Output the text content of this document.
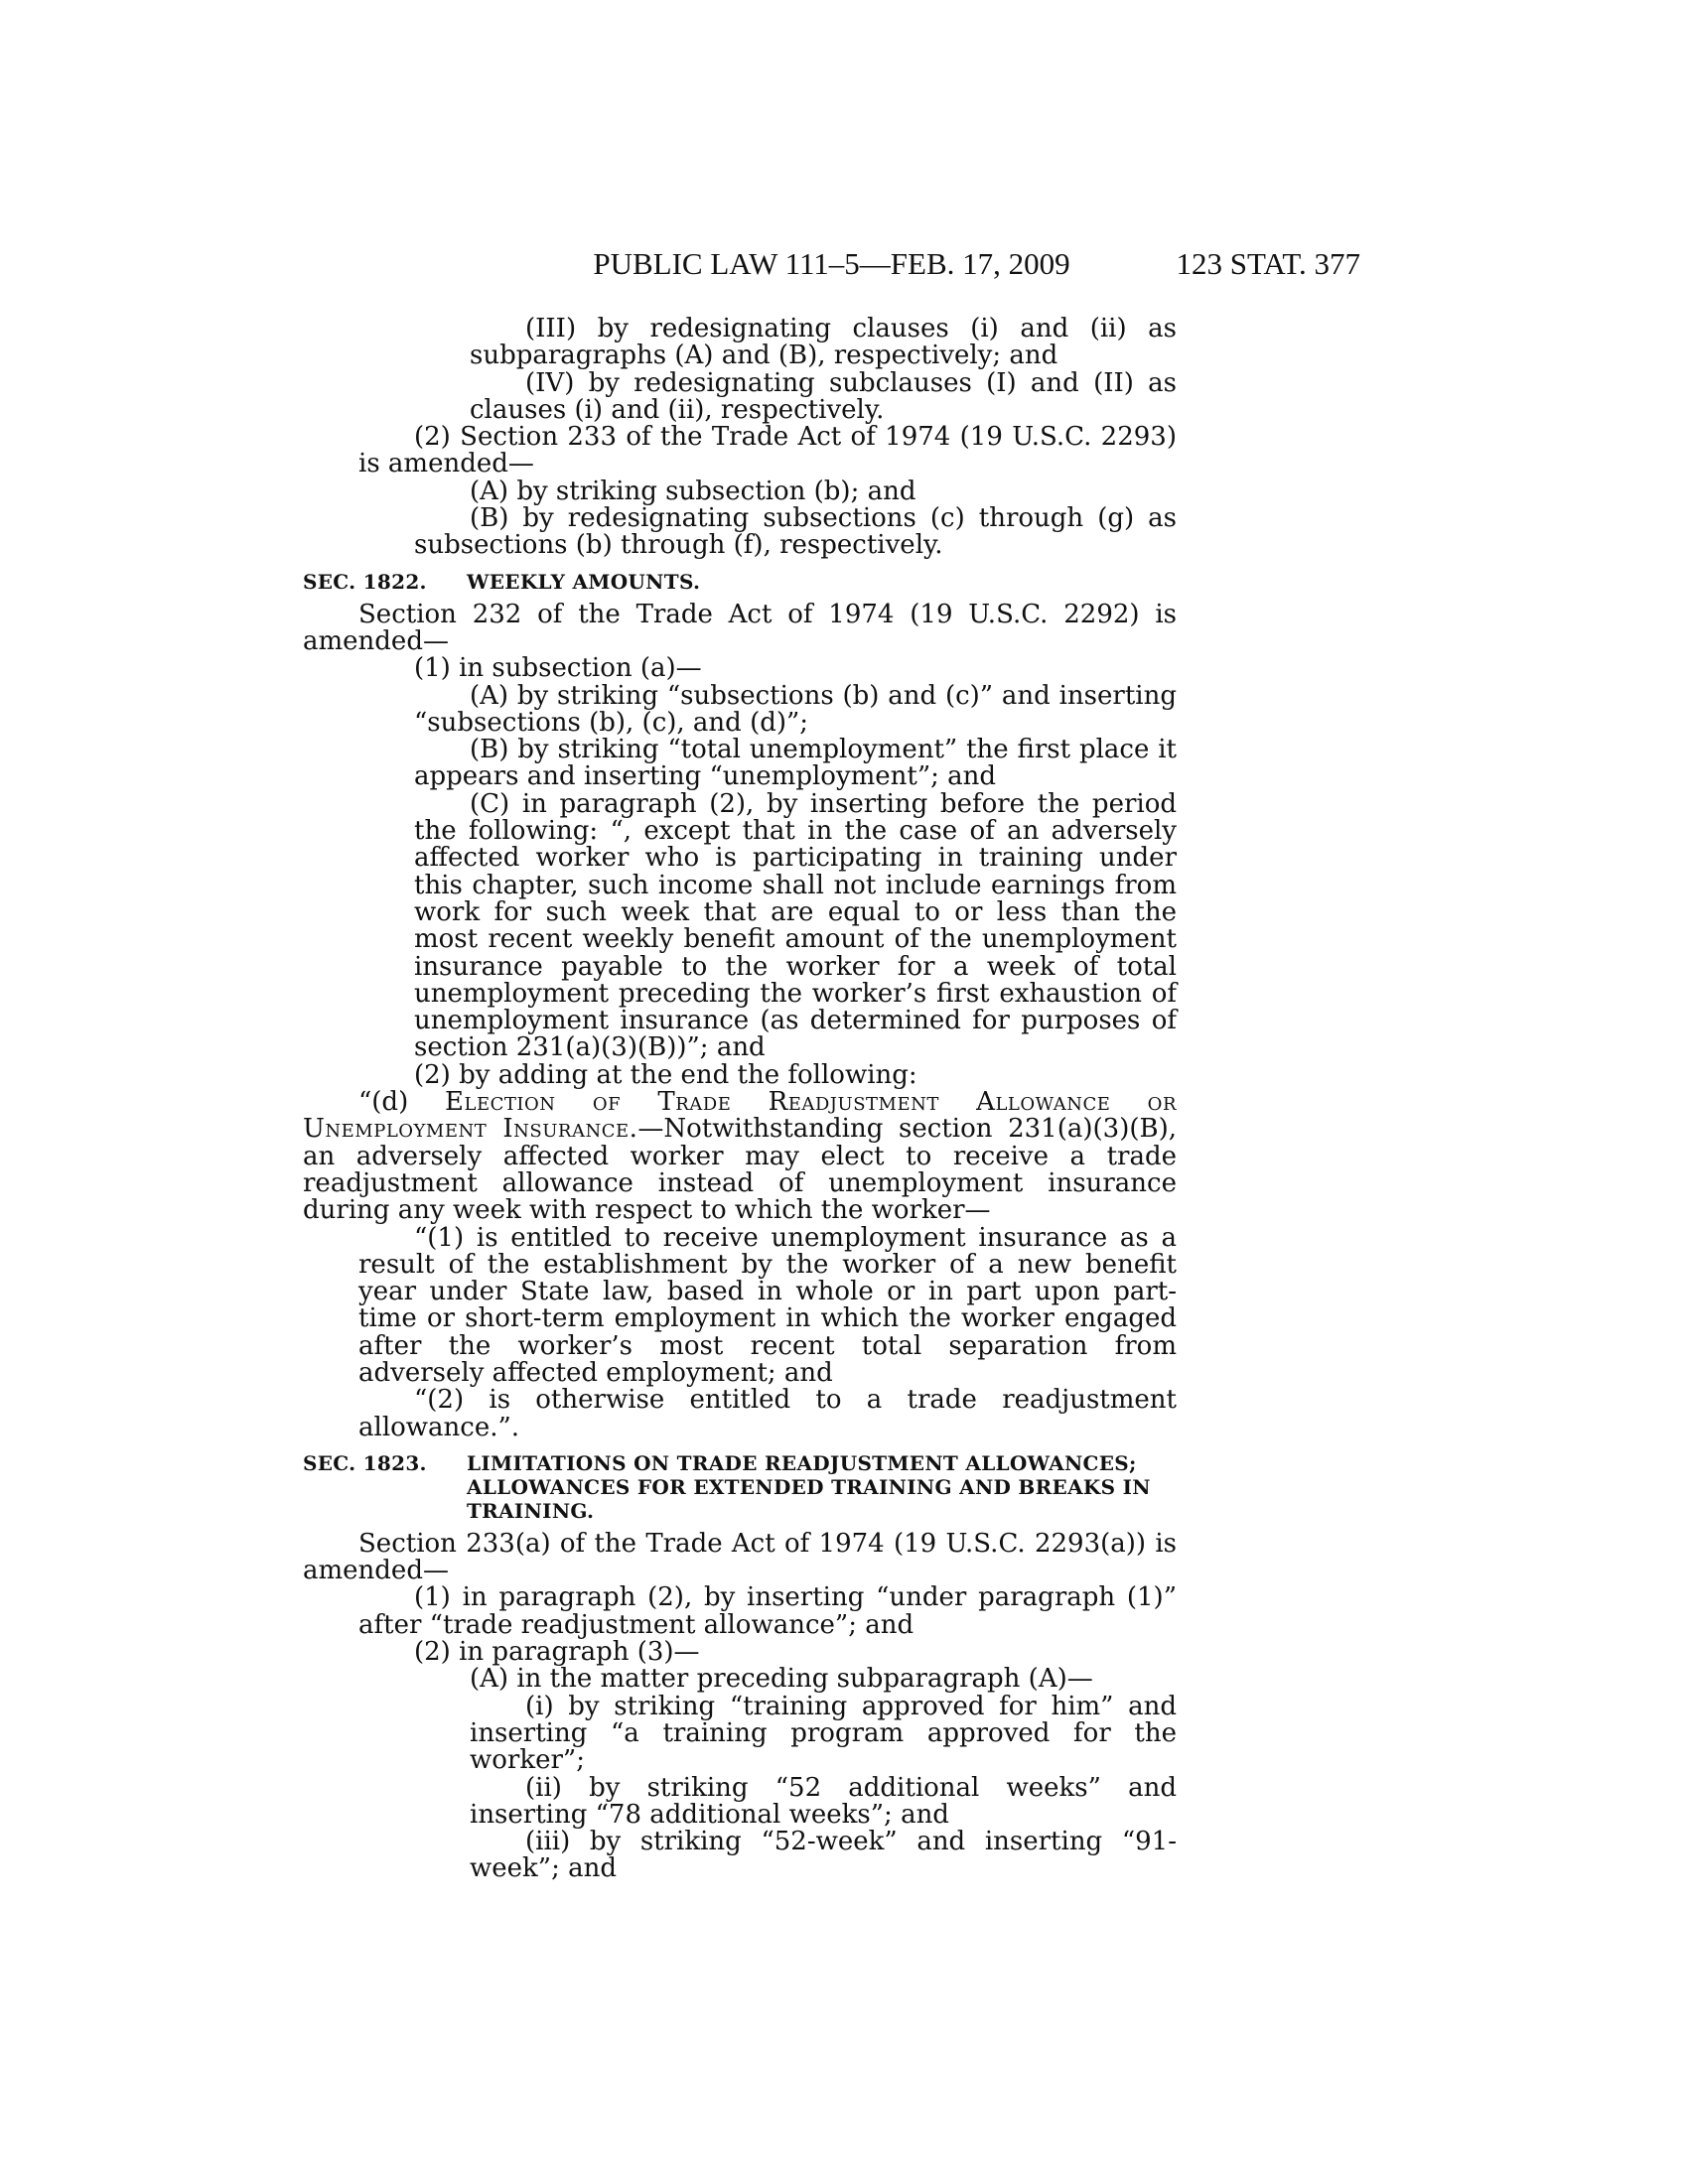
PUBLIC LAW 111–5—FEB. 17, 2009	123 STAT. 377

(III) by redesignating clauses (i) and (ii) as subparagraphs (A) and (B), respectively; and

(IV) by redesignating subclauses (I) and (II) as clauses (i) and (ii), respectively.

(2) Section 233 of the Trade Act of 1974 (19 U.S.C. 2293) is amended—

(A) by striking subsection (b); and

(B) by redesignating subsections (c) through (g) as subsections (b) through (f), respectively.

SEC. 1822.	WEEKLY AMOUNTS.

Section 232 of the Trade Act of 1974 (19 U.S.C. 2292) is amended—

(1) in subsection (a)—

(A) by striking “subsections (b) and (c)” and inserting “subsections (b), (c), and (d)”;

(B) by striking “total unemployment” the first place it appears and inserting “unemployment”; and

(C) in paragraph (2), by inserting before the period the following: “, except that in the case of an adversely affected worker who is participating in training under this chapter, such income shall not include earnings from work for such week that are equal to or less than the most recent weekly benefit amount of the unemployment insurance payable to the worker for a week of total unemployment preceding the worker’s first exhaustion of unemployment insurance (as determined for purposes of section 231(a)(3)(B))”; and

(2) by adding at the end the following:

“(d) Election of Trade Readjustment Allowance or Unemployment Insurance.—Notwithstanding section 231(a)(3)(B), an adversely affected worker may elect to receive a trade readjustment allowance instead of unemployment insurance during any week with respect to which the worker—

“(1) is entitled to receive unemployment insurance as a result of the establishment by the worker of a new benefit year under State law, based in whole or in part upon part-time or short-term employment in which the worker engaged after the worker’s most recent total separation from adversely affected employment; and

“(2) is otherwise entitled to a trade readjustment allowance.”.

SEC. 1823.	LIMITATIONS ON TRADE READJUSTMENT ALLOWANCES; ALLOWANCES FOR EXTENDED TRAINING AND BREAKS IN TRAINING.

Section 233(a) of the Trade Act of 1974 (19 U.S.C. 2293(a)) is amended—

(1) in paragraph (2), by inserting “under paragraph (1)” after “trade readjustment allowance”; and

(2) in paragraph (3)—

(A) in the matter preceding subparagraph (A)—

(i) by striking “training approved for him” and inserting “a training program approved for the worker”;

(ii) by striking “52 additional weeks” and inserting “78 additional weeks”; and

(iii) by striking “52-week” and inserting “91-week”; and
